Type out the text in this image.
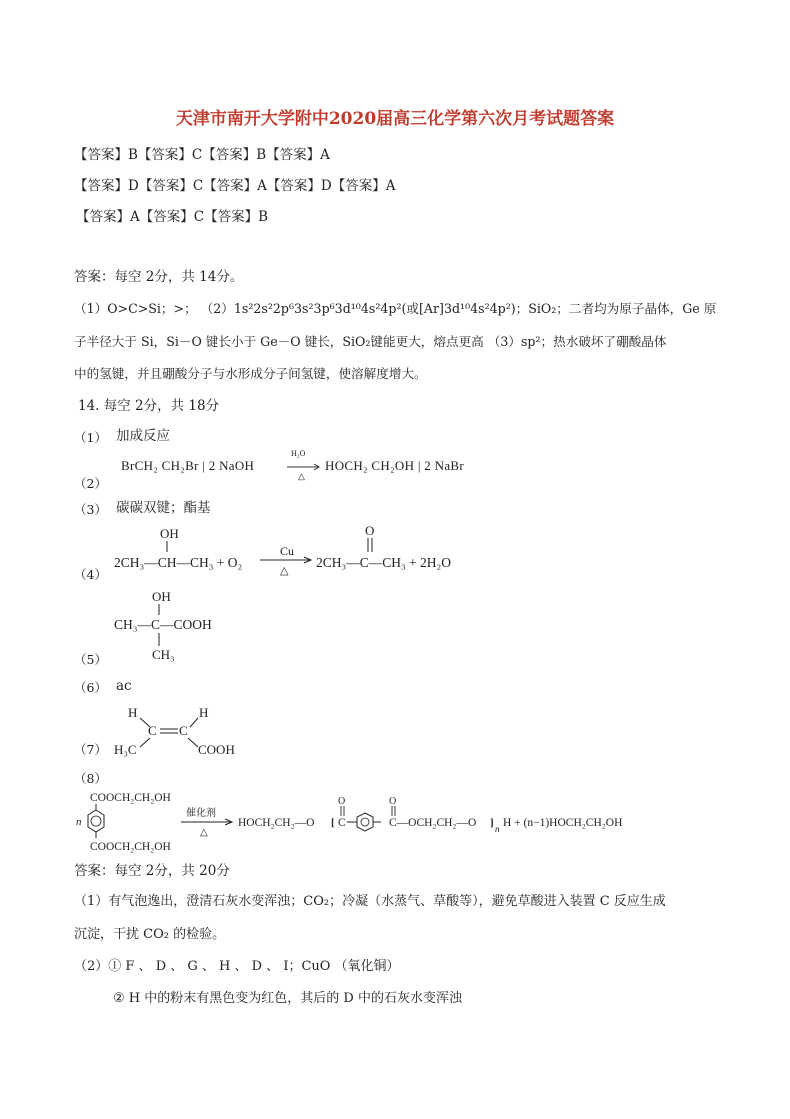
天津市南开大学附中2020届高三化学第六次月考试题答案
【答案】B【答案】C【答案】B【答案】A
【答案】D【答案】C【答案】A【答案】D【答案】A
【答案】A【答案】C【答案】B
答案：每空 2分，共 14分。
（1）O>C>Si；>； （2）1s²2s²2p⁶3s²3p⁶3d¹⁰4s²4p²(或[Ar]3d¹⁰4s²4p²)；SiO₂；二者均为原子晶体，Ge 原
子半径大于 Si，Si－O 键长小于 Ge－O 键长，SiO₂键能更大，熔点更高 （3）sp²；热水破坏了硼酸晶体
中的氢键，并且硼酸分子与水形成分子间氢键，使溶解度增大。
14. 每空 2分，共 18分
（1） 加成反应
（2）
BrCH₂ CH₂Br | 2 NaOH
H₂O
△
HOCH₂ CH₂OH | 2 NaBr
（3） 碳碳双键；酯基
（4）
OH
2CH₃—CH—CH₃ + O₂
Cu
△
O
2CH₃—C—CH₃ + 2H₂O
OH
CH₃—C—COOH
CH₃
（5）
（6） ac
H	H
C C
H₃C	COOH
（7）
（8）
COOCH₂CH₂OH
n
COOCH₂CH₂OH
催化剂
△
HOCH₂CH₂—O [ C
O	O
C—OCH₂CH₂—O ] n H + (n−1)HOCH₂CH₂OH
答案：每空 2分，共 20分
（1）有气泡逸出，澄清石灰水变浑浊；CO₂；冷凝（水蒸气、草酸等），避免草酸进入装置 C 反应生成
沉淀，干扰 CO₂ 的检验。
（2）① F 、 D 、 G 、 H 、 D 、 I；CuO （氧化铜）
② H 中的粉末有黑色变为红色，其后的 D 中的石灰水变浑浊
